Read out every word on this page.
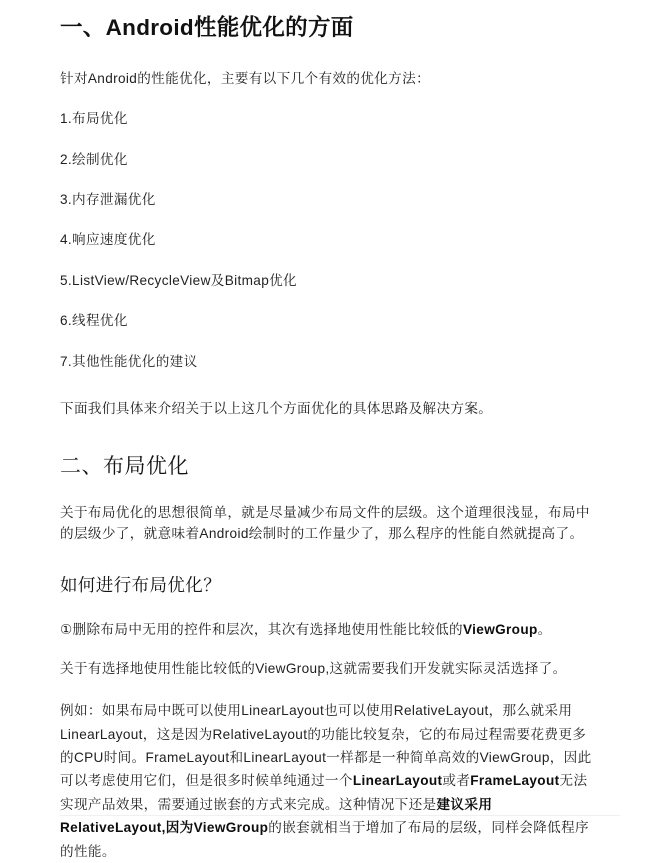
一、Android性能优化的方面

针对Android的性能优化，主要有以下几个有效的优化方法：

1.布局优化
2.绘制优化
3.内存泄漏优化
4.响应速度优化
5.ListView/RecycleView及Bitmap优化
6.线程优化
7.其他性能优化的建议

下面我们具体来介绍关于以上这几个方面优化的具体思路及解决方案。

二、布局优化

关于布局优化的思想很简单，就是尽量减少布局文件的层级。这个道理很浅显，布局中的层级少了，就意味着Android绘制时的工作量少了，那么程序的性能自然就提高了。

如何进行布局优化？

①删除布局中无用的控件和层次，其次有选择地使用性能比较低的ViewGroup。

关于有选择地使用性能比较低的ViewGroup,这就需要我们开发就实际灵活选择了。

例如：如果布局中既可以使用LinearLayout也可以使用RelativeLayout，那么就采用LinearLayout，这是因为RelativeLayout的功能比较复杂，它的布局过程需要花费更多的CPU时间。FrameLayout和LinearLayout一样都是一种简单高效的ViewGroup，因此可以考虑使用它们，但是很多时候单纯通过一个LinearLayout或者FrameLayout无法实现产品效果，需要通过嵌套的方式来完成。这种情况下还是建议采用RelativeLayout,因为ViewGroup的嵌套就相当于增加了布局的层级，同样会降低程序的性能。
